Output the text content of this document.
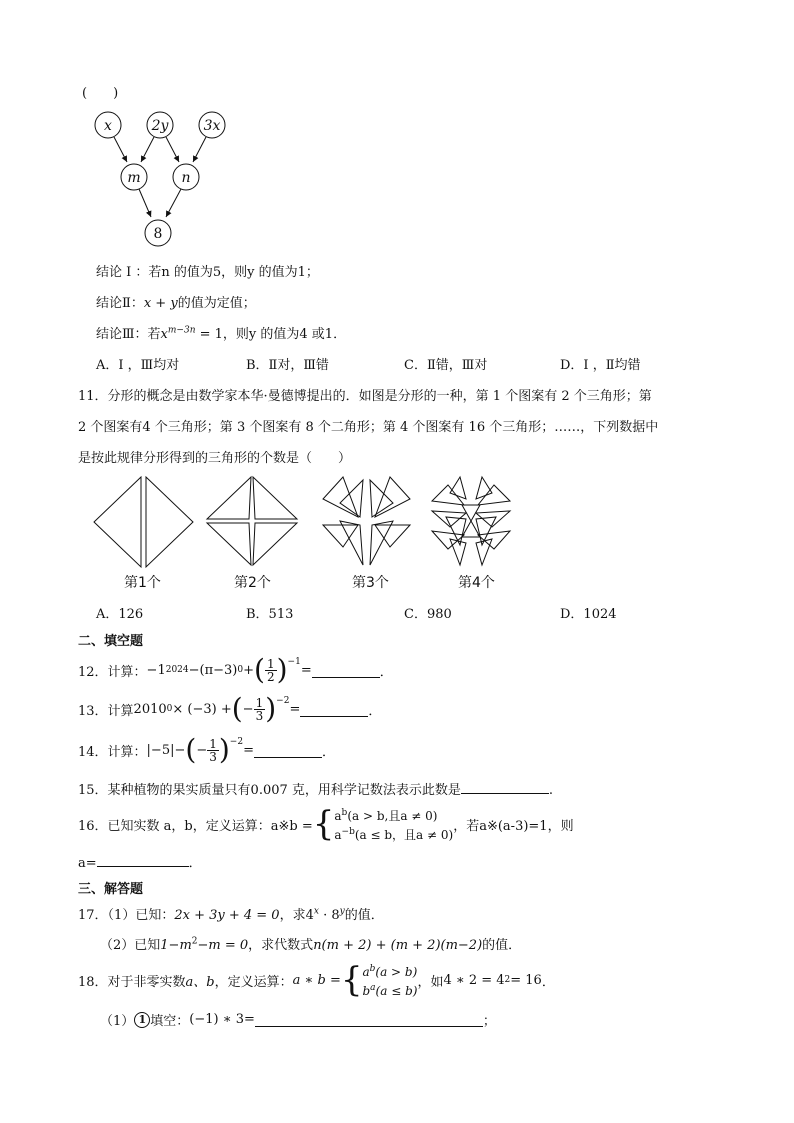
(　　)
x	2y	3x
m	n
8
结论 Ⅰ ：若n 的值为5，则y 的值为1；
结论Ⅱ：x + y的值为定值；
结论Ⅲ：若$x^{m-3n} = 1$，则y 的值为4 或1．
A．Ⅰ ，Ⅲ均对	B．Ⅱ对，Ⅲ错	C．Ⅱ错，Ⅲ对	D．Ⅰ ，Ⅱ均错
11．分形的概念是由数学家本华·曼德博提出的．如图是分形的一种，第 1 个图案有 2 个三角形；第
2 个图案有4 个三角形；第 3 个图案有 8 个二角形；第 4 个图案有 16 个三角形；……，下列数据中
是按此规律分形得到的三角形的个数是（　　）
第1个	第2个	第3个	第4个
A．126	B．513	C．980	D．1024
二、填空题
12．计算： −1 2024 −(π−3) 0 + ( $\frac{1}{2} )^{-1}$
=	．
13．计算 2010 0 × (−3) + ( − $\frac{1}{3} )^{-2}$
=	．
14．计算： |−5|− ( − $\frac{1}{3} )^{-2}$
=	．
15．某种植物的果实质量只有0.007 克，用科学记数法表示此数是	.
16．已知实数 a，b，定义运算：a※b = { $a^b(a > b$,且a ≠ 0)
$a^{-b}(a \le b$，且a ≠ 0)
，若a※(a-3)=1，则
a=	．
三、解答题
17．（1）已知：2x + 3y + 4 = 0，求$4^x \cdot 8^y$的值．
（2）已知$1-m^2-m = 0$，求代数式n(m + 2) + (m + 2)(m−2)的值．
18．对于非零实数 a、b ，定义运算： a ∗ b = { $a^b(a > b)$
$b^a(a \le b)$
，如 4 ∗ 2 = 4 2 = 16 ．
（1） 1 填空： (−1) ∗ 3 =	；
